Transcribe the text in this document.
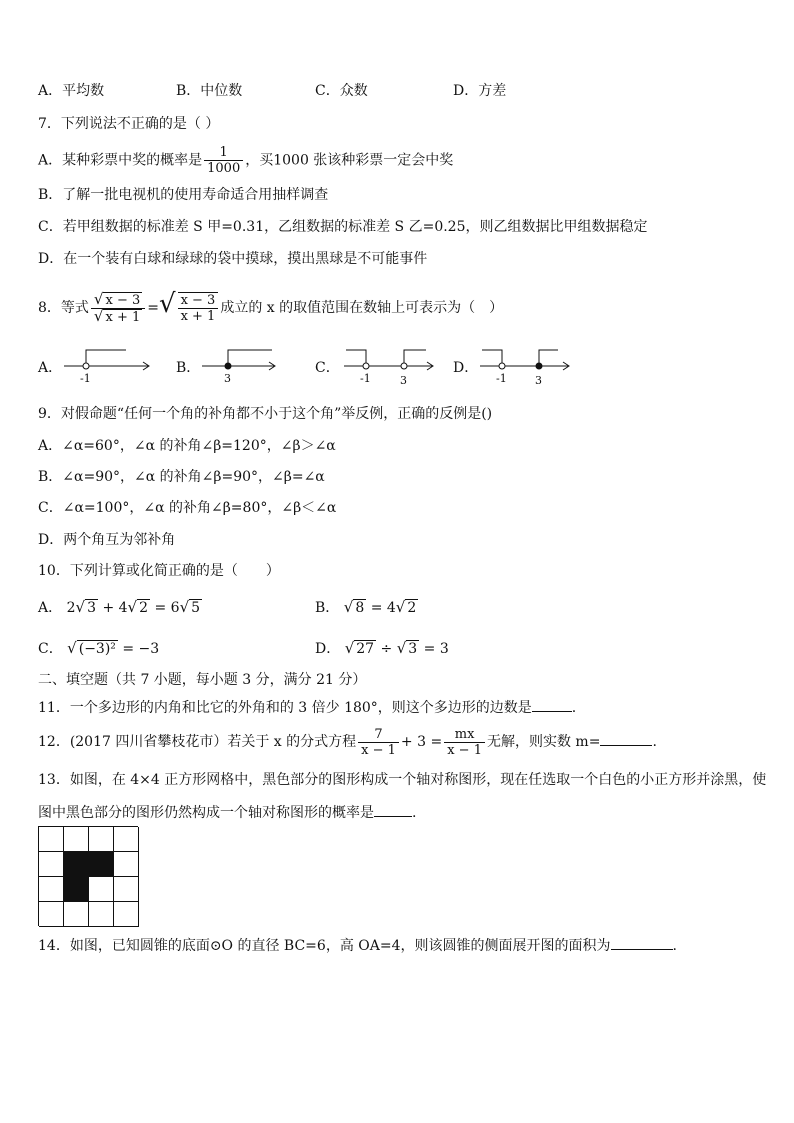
A．平均数	B．中位数	C．众数	D．方差
7．下列说法不正确的是（ ）
A．某种彩票中奖的概率是 $\frac{1}{1000}$ ，买1000 张该种彩票一定会中奖
B．了解一批电视机的使用寿命适合用抽样调查
C．若甲组数据的标准差 S 甲=0.31，乙组数据的标准差 S 乙=0.25，则乙组数据比甲组数据稳定
D．在一个装有白球和绿球的袋中摸球，摸出黑球是不可能事件
8．等式 $\frac{√ x - 3}{√ x + 1}$ =√ $\frac{x - 3}{x + 1}$ 成立的 x 的取值范围在数轴上可表示为（　）
A．
-1
B．
3
C．
-1	3
D．
-1	3
9．对假命题“任何一个角的补角都不小于这个角”举反例，正确的反例是()
A．∠α=60°，∠α 的补角∠β=120°，∠β＞∠α
B．∠α=90°，∠α 的补角∠β=90°，∠β=∠α
C．∠α=100°，∠α 的补角∠β=80°，∠β＜∠α
D．两个角互为邻补角
10．下列计算或化简正确的是（　　）
A． 2√ 3 + 4√ 2 = 6√ 5	B． √ 8 = 4√ 2
C． √ (−3)² = −3	D． √ 27 ÷ √ 3 = 3
二、填空题（共 7 小题，每小题 3 分，满分 21 分）
11．一个多边形的内角和比它的外角和的 3 倍少 180°，则这个多边形的边数是	.
12．(2017 四川省攀枝花市）若关于 x 的分式方程 $\frac{7}{x - 1} + 3 = \frac{mx}{x - 1}$ 无解，则实数 m=	.
13．如图，在 4×4 正方形网格中，黑色部分的图形构成一个轴对称图形，现在任选取一个白色的小正方形并涂黑，使
图中黑色部分的图形仍然构成一个轴对称图形的概率是	.
14．如图，已知圆锥的底面⊙O 的直径 BC=6，高 OA=4，则该圆锥的侧面展开图的面积为	.
